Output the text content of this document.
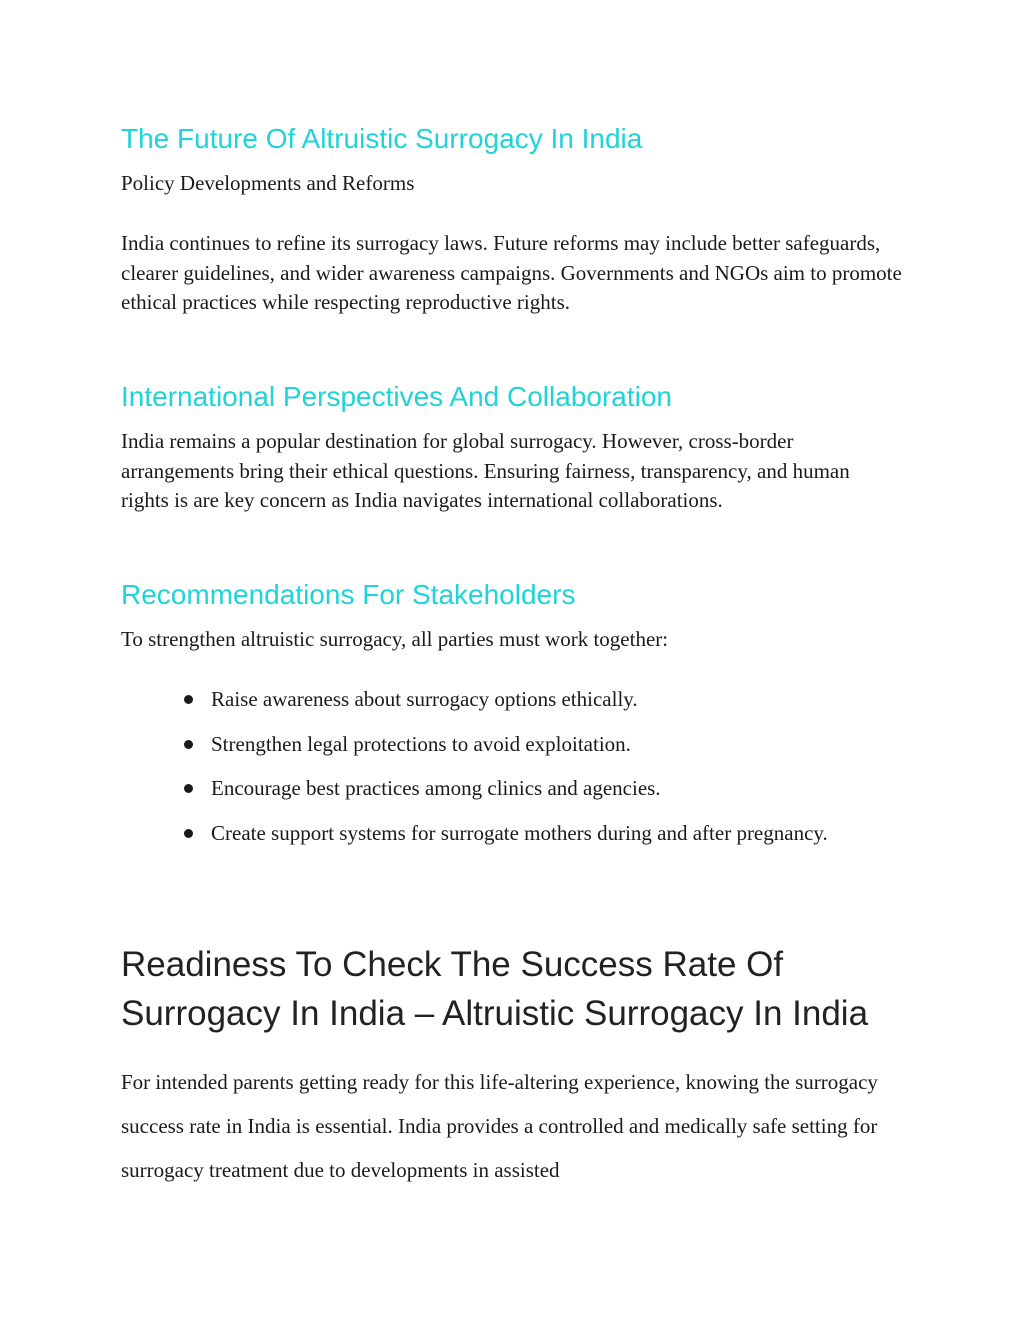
The Future Of Altruistic Surrogacy In India

Policy Developments and Reforms

India continues to refine its surrogacy laws. Future reforms may include better safeguards, clearer guidelines, and wider awareness campaigns. Governments and NGOs aim to promote ethical practices while respecting reproductive rights.

International Perspectives And Collaboration

India remains a popular destination for global surrogacy. However, cross-border arrangements bring their ethical questions. Ensuring fairness, transparency, and human rights is are key concern as India navigates international collaborations.

Recommendations For Stakeholders

To strengthen altruistic surrogacy, all parties must work together:

Raise awareness about surrogacy options ethically.
Strengthen legal protections to avoid exploitation.
Encourage best practices among clinics and agencies.
Create support systems for surrogate mothers during and after pregnancy.
Readiness To Check The Success Rate Of Surrogacy In India – Altruistic Surrogacy In India

For intended parents getting ready for this life-altering experience, knowing the surrogacy success rate in India is essential. India provides a controlled and medically safe setting for surrogacy treatment due to developments in assisted
